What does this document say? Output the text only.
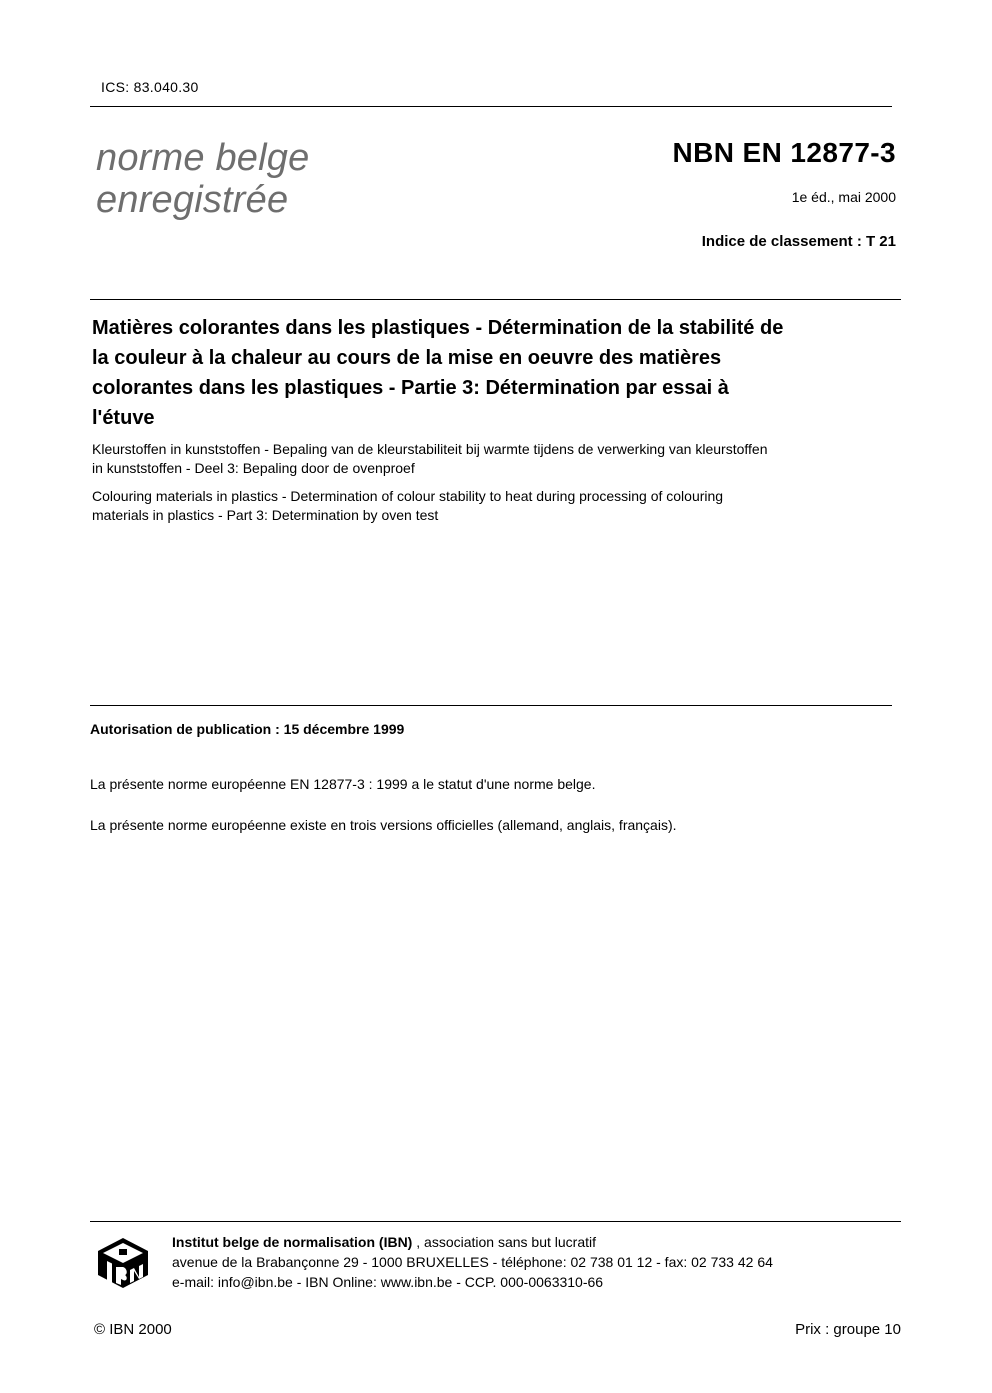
ICS: 83.040.30
norme belge
enregistrée
NBN EN 12877-3
1e éd., mai 2000
Indice de classement : T 21
Matières colorantes dans les plastiques - Détermination de la stabilité de
la couleur à la chaleur au cours de la mise en oeuvre des matières
colorantes dans les plastiques - Partie 3: Détermination par essai à
l'étuve
Kleurstoffen in kunststoffen - Bepaling van de kleurstabiliteit bij warmte tijdens de verwerking van kleurstoffen
in kunststoffen - Deel 3: Bepaling door de ovenproef
Colouring materials in plastics - Determination of colour stability to heat during processing of colouring
materials in plastics - Part 3: Determination by oven test
Autorisation de publication : 15 décembre 1999
La présente norme européenne EN 12877-3 : 1999 a le statut d'une norme belge.
La présente norme européenne existe en trois versions officielles (allemand, anglais, français).
Institut belge de normalisation (IBN) , association sans but lucratif
avenue de la Brabançonne 29 - 1000 BRUXELLES - téléphone: 02 738 01 12 - fax: 02 733 42 64
e-mail: info@ibn.be - IBN Online: www.ibn.be - CCP. 000-0063310-66
© IBN 2000	Prix : groupe 10
